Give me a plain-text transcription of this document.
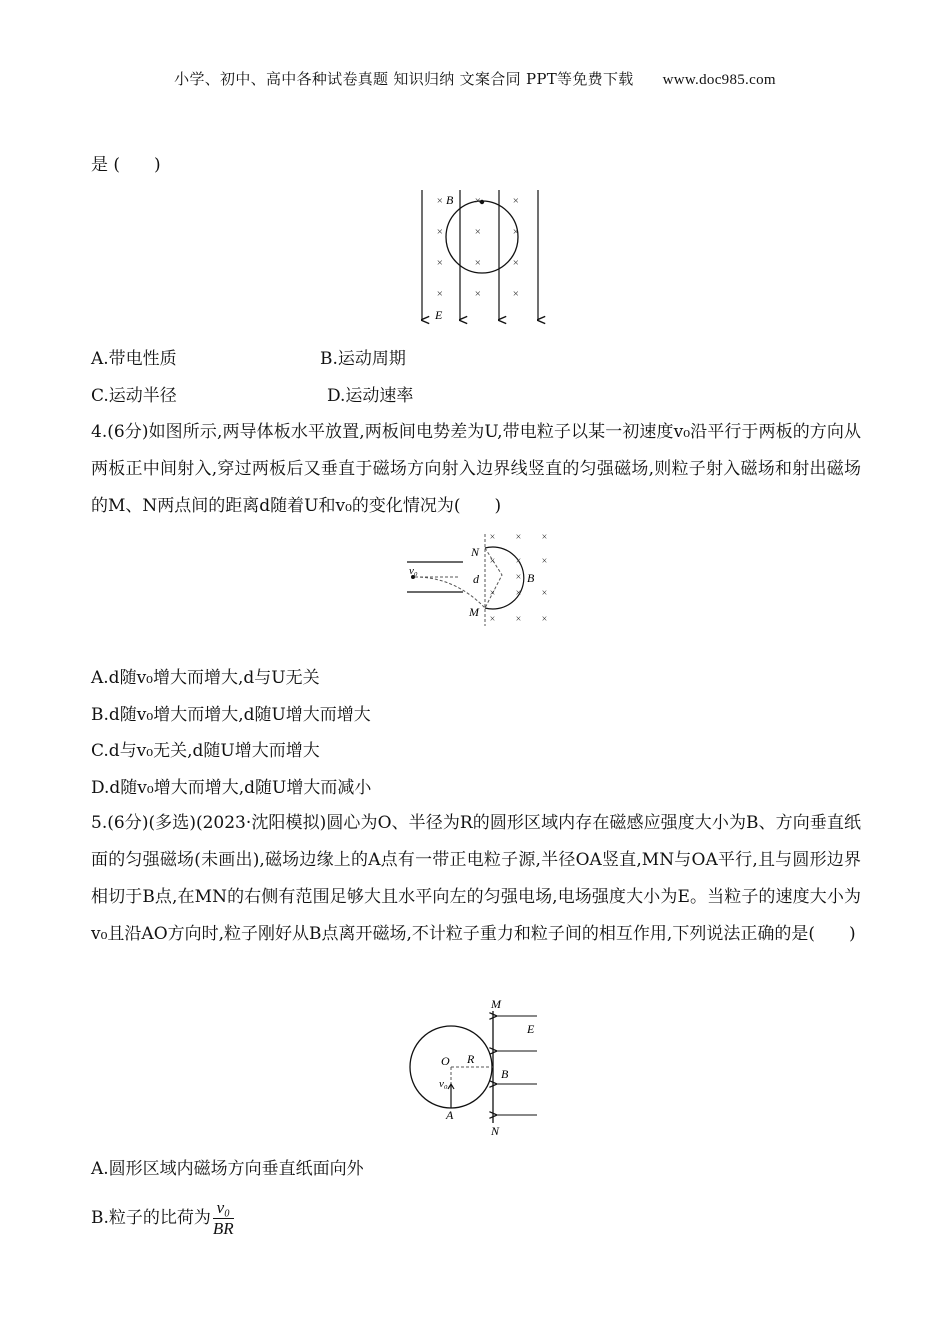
小学、初中、高中各种试卷真题 知识归纳 文案合同 PPT等免费下载 www.doc985.com
是 (　　)
×	×
×	×	×
×	×	×
×	×	×
×
B
E
A.带电性质	B.运动周期
C.运动半径	D.运动速率
4.(6分)如图所示,两导体板水平放置,两板间电势差为U,带电粒子以某一初速度v₀沿平行于两板的方向从两板正中间射入,穿过两板后又垂直于磁场方向射入边界线竖直的匀强磁场,则粒子射入磁场和射出磁场的M、N两点间的距离d随着U和v₀的变化情况为(　　)
× × ×
× × ×
×
× × ×
× × ×
v₀
N
M
d	B
A.d随v₀增大而增大,d与U无关
B.d随v₀增大而增大,d随U增大而增大
C.d与v₀无关,d随U增大而增大
D.d随v₀增大而增大,d随U增大而减小
5.(6分)(多选)(2023·沈阳模拟)圆心为O、半径为R的圆形区域内存在磁感应强度大小为B、方向垂直纸面的匀强磁场(未画出),磁场边缘上的A点有一带正电粒子源,半径OA竖直,MN与OA平行,且与圆形边界相切于B点,在MN的右侧有范围足够大且水平向左的匀强电场,电场强度大小为E。当粒子的速度大小为v₀且沿AO方向时,粒子刚好从B点离开磁场,不计粒子重力和粒子间的相互作用,下列说法正确的是(　　)
M
E
O R
B
v₀
A
N
A.圆形区域内磁场方向垂直纸面向外
B.粒子的比荷为 $\frac{\text{v₀}}{BR}$
